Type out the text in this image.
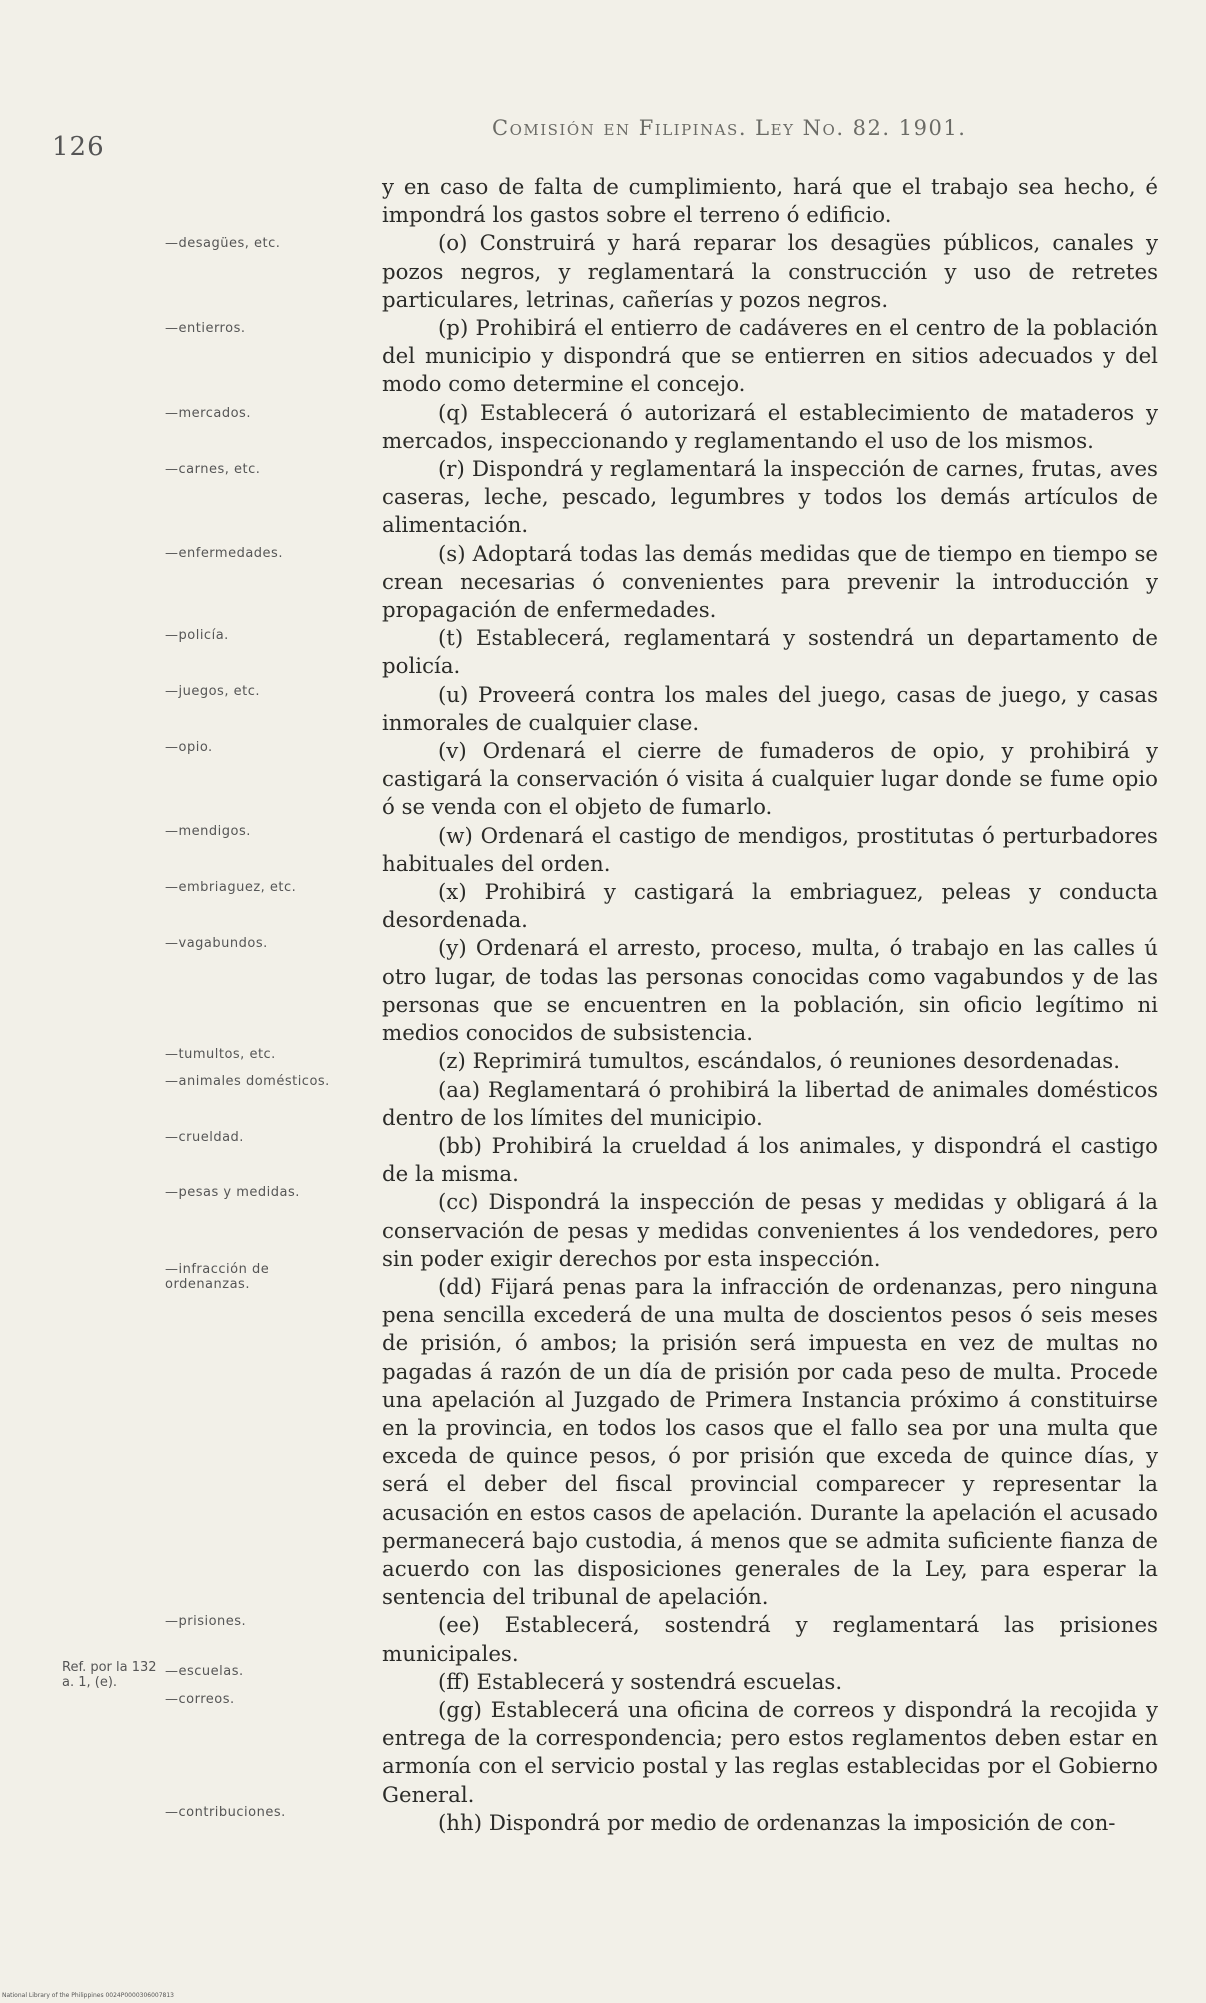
126
Comisión en Filipinas. Ley No. 82. 1901.
—desagües, etc.
—entierros.
—mercados.
—carnes, etc.
—enfermedades.
—policía.
—juegos, etc.
—opio.
—mendigos.
—embriaguez, etc.
—vagabundos.
—tumultos, etc.
—animales domésticos.
—crueldad.
—pesas y medidas.
—infracción de ordenanzas.
—prisiones.
—escuelas.
—correos.
—contribuciones.
Ref. por la 132 a. 1, (e).

y en caso de falta de cumplimiento, hará que el trabajo sea hecho, é impondrá los gastos sobre el terreno ó edificio.

(o) Construirá y hará reparar los desagües públicos, canales y pozos negros, y reglamentará la construcción y uso de retretes particulares, letrinas, cañerías y pozos negros.

(p) Prohibirá el entierro de cadáveres en el centro de la población del municipio y dispondrá que se entierren en sitios adecuados y del modo como determine el concejo.

(q) Establecerá ó autorizará el establecimiento de mataderos y mercados, inspeccionando y reglamentando el uso de los mismos.

(r) Dispondrá y reglamentará la inspección de carnes, frutas, aves caseras, leche, pescado, legumbres y todos los demás artículos de alimentación.

(s) Adoptará todas las demás medidas que de tiempo en tiempo se crean necesarias ó convenientes para prevenir la introducción y propagación de enfermedades.

(t) Establecerá, reglamentará y sostendrá un departamento de policía.

(u) Proveerá contra los males del juego, casas de juego, y casas inmorales de cualquier clase.

(v) Ordenará el cierre de fumaderos de opio, y prohibirá y castigará la conservación ó visita á cualquier lugar donde se fume opio ó se venda con el objeto de fumarlo.

(w) Ordenará el castigo de mendigos, prostitutas ó perturbadores habituales del orden.

(x) Prohibirá y castigará la embriaguez, peleas y conducta desordenada.

(y) Ordenará el arresto, proceso, multa, ó trabajo en las calles ú otro lugar, de todas las personas conocidas como vagabundos y de las personas que se encuentren en la población, sin oficio legítimo ni medios conocidos de subsistencia.

(z) Reprimirá tumultos, escándalos, ó reuniones desordenadas.

(aa) Reglamentará ó prohibirá la libertad de animales domésticos dentro de los límites del municipio.

(bb) Prohibirá la crueldad á los animales, y dispondrá el castigo de la misma.

(cc) Dispondrá la inspección de pesas y medidas y obligará á la conservación de pesas y medidas convenientes á los vendedores, pero sin poder exigir derechos por esta inspección.

(dd) Fijará penas para la infracción de ordenanzas, pero ninguna pena sencilla excederá de una multa de doscientos pesos ó seis meses de prisión, ó ambos; la prisión será impuesta en vez de multas no pagadas á razón de un día de prisión por cada peso de multa. Procede una apelación al Juzgado de Primera Instancia próximo á constituirse en la provincia, en todos los casos que el fallo sea por una multa que exceda de quince pesos, ó por prisión que exceda de quince días, y será el deber del fiscal provincial comparecer y representar la acusación en estos casos de apelación. Durante la apelación el acusado permanecerá bajo custodia, á menos que se admita suficiente fianza de acuerdo con las disposiciones generales de la Ley, para esperar la sentencia del tribunal de apelación.

(ee) Establecerá, sostendrá y reglamentará las prisiones municipales.

(ff) Establecerá y sostendrá escuelas.

(gg) Establecerá una oficina de correos y dispondrá la recojida y entrega de la correspondencia; pero estos reglamentos deben estar en armonía con el servicio postal y las reglas establecidas por el Gobierno General.

(hh) Dispondrá por medio de ordenanzas la imposición de con-

National Library of the Philippines 0024P0000306007813
